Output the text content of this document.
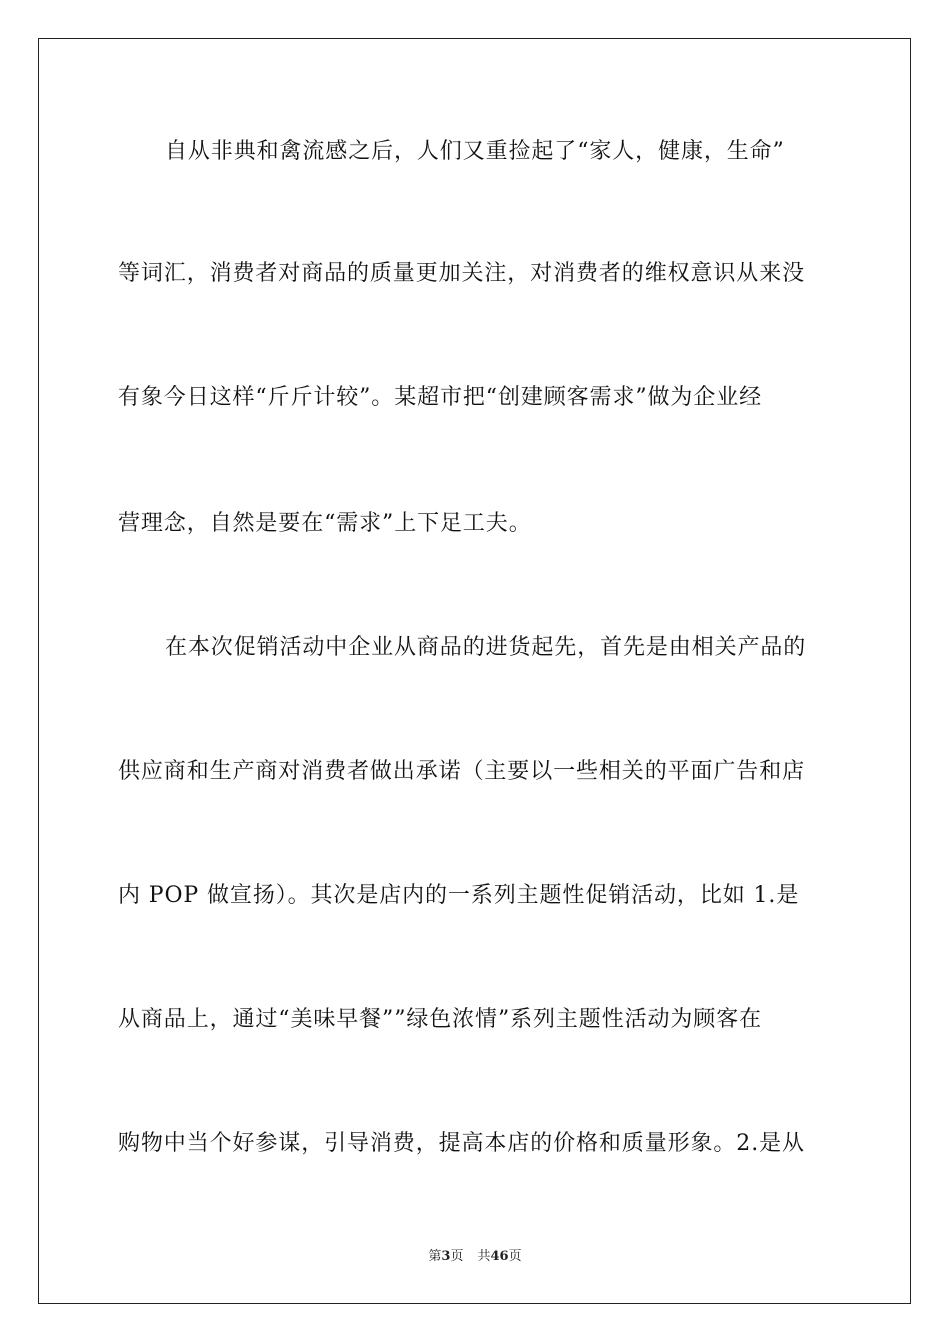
自从非典和禽流感之后，人们又重捡起了“家人，健康，生命”
等词汇，消费者对商品的质量更加关注，对消费者的维权意识从来没
有象今日这样“斤斤计较”。某超市把“创建顾客需求”做为企业经
营理念，自然是要在“需求”上下足工夫。
在本次促销活动中企业从商品的进货起先，首先是由相关产品的
供应商和生产商对消费者做出承诺（主要以一些相关的平面广告和店
内 POP 做宣扬）。其次是店内的一系列主题性促销活动，比如 1.是
从商品上，通过“美味早餐””绿色浓情”系列主题性活动为顾客在
购物中当个好参谋，引导消费，提高本店的价格和质量形象。2.是从
第3页 共46页
